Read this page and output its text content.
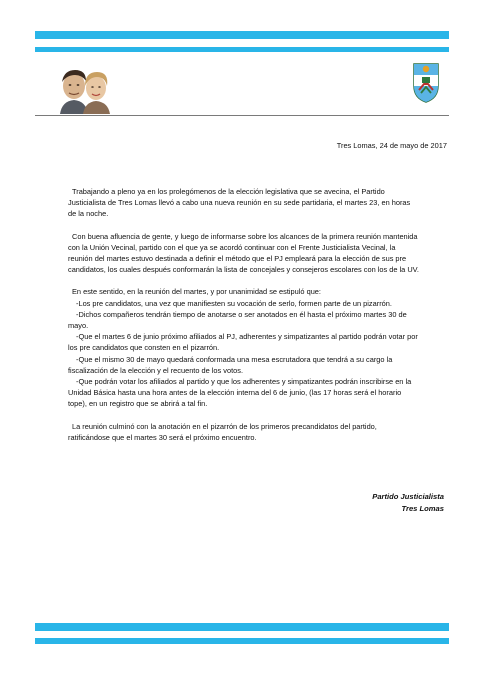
Tres Lomas, 24 de mayo de 2017

Trabajando a pleno ya en los prolegómenos de la elección legislativa que se avecina, el Partido Justicialista de Tres Lomas llevó a cabo una nueva reunión en su sede partidaria, el martes 23, en horas de la noche.

Con buena afluencia de gente, y luego de informarse sobre los alcances de la primera reunión mantenida con la Unión Vecinal, partido con el que ya se acordó continuar con el Frente Justicialista Vecinal, la reunión del martes estuvo destinada a definir el método que el PJ empleará para la elección de sus pre candidatos, los cuales después conformarán la lista de concejales y consejeros escolares con los de la UV.

En este sentido, en la reunión del martes, y por unanimidad se estipuló que:

-Los pre candidatos, una vez que manifiesten su vocación de serlo, formen parte de un pizarrón.

-Dichos compañeros tendrán tiempo de anotarse o ser anotados en él hasta el próximo martes 30 de mayo.

-Que el martes 6 de junio próximo afiliados al PJ, adherentes y simpatizantes al partido podrán votar por los pre candidatos que consten en el pizarrón.

-Que el mismo 30 de mayo quedará conformada una mesa escrutadora que tendrá a su cargo la fiscalización de la elección y el recuento de los votos.

-Que podrán votar los afiliados al partido y que los adherentes y simpatizantes podrán inscribirse en la Unidad Básica hasta una hora antes de la elección interna del 6 de junio, (las 17 horas será el horario tope), en un registro que se abrirá a tal fin.

La reunión culminó con la anotación en el pizarrón de los primeros precandidatos del partido, ratificándose que el martes 30 será el próximo encuentro.

Partido Justicialista
Tres Lomas
